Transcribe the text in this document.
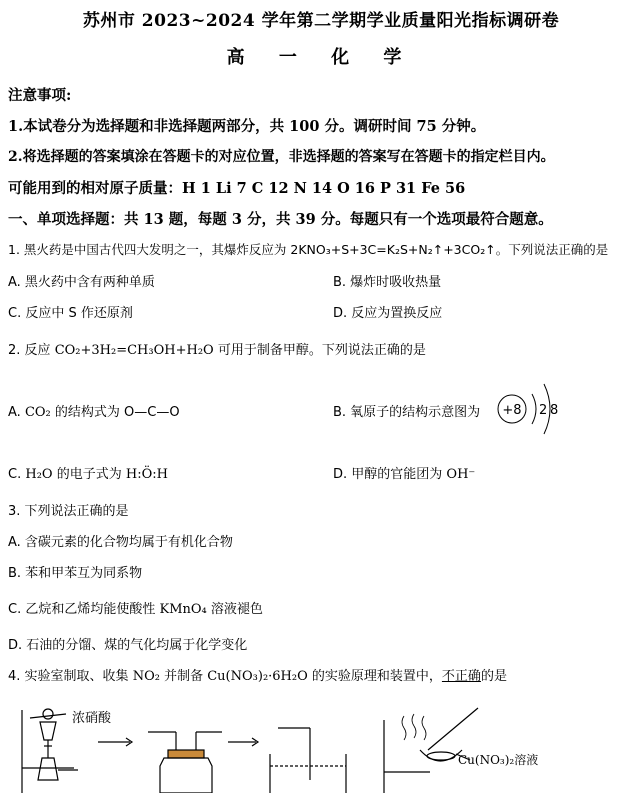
苏州市 2023~2024 学年第二学期学业质量阳光指标调研卷
高 一 化 学
注意事项:
1.本试卷分为选择题和非选择题两部分，共 100 分。调研时间 75 分钟。
2.将选择题的答案填涂在答题卡的对应位置，非选择题的答案写在答题卡的指定栏目内。
可能用到的相对原子质量：H 1 Li 7 C 12 N 14 O 16 P 31 Fe 56
一、单项选择题：共 13 题，每题 3 分，共 39 分。每题只有一个选项最符合题意。
1. 黑火药是中国古代四大发明之一，其爆炸反应为 2KNO₃+S+3C=K₂S+N₂↑+3CO₂↑。下列说法正确的是
A. 黑火药中含有两种单质	B. 爆炸时吸收热量
C. 反应中 S 作还原剂	D. 反应为置换反应
2. 反应 CO₂+3H₂=CH₃OH+H₂O 可用于制备甲醇。下列说法正确的是
A. CO₂ 的结构式为 O—C—O	B. 氧原子的结构示意图为 +8 2 8
C. H₂O 的电子式为 H:Ö:H	D. 甲醇的官能团为 OH⁻
3. 下列说法正确的是
A. 含碳元素的化合物均属于有机化合物
B. 苯和甲苯互为同系物
C. 乙烷和乙烯均能使酸性 KMnO₄ 溶液褪色
D. 石油的分馏、煤的气化均属于化学变化
4. 实验室制取、收集 NO₂ 并制备 Cu(NO₃)₂·6H₂O 的实验原理和装置中，不正确的是
浓硝酸
Cu(NO₃)₂溶液
